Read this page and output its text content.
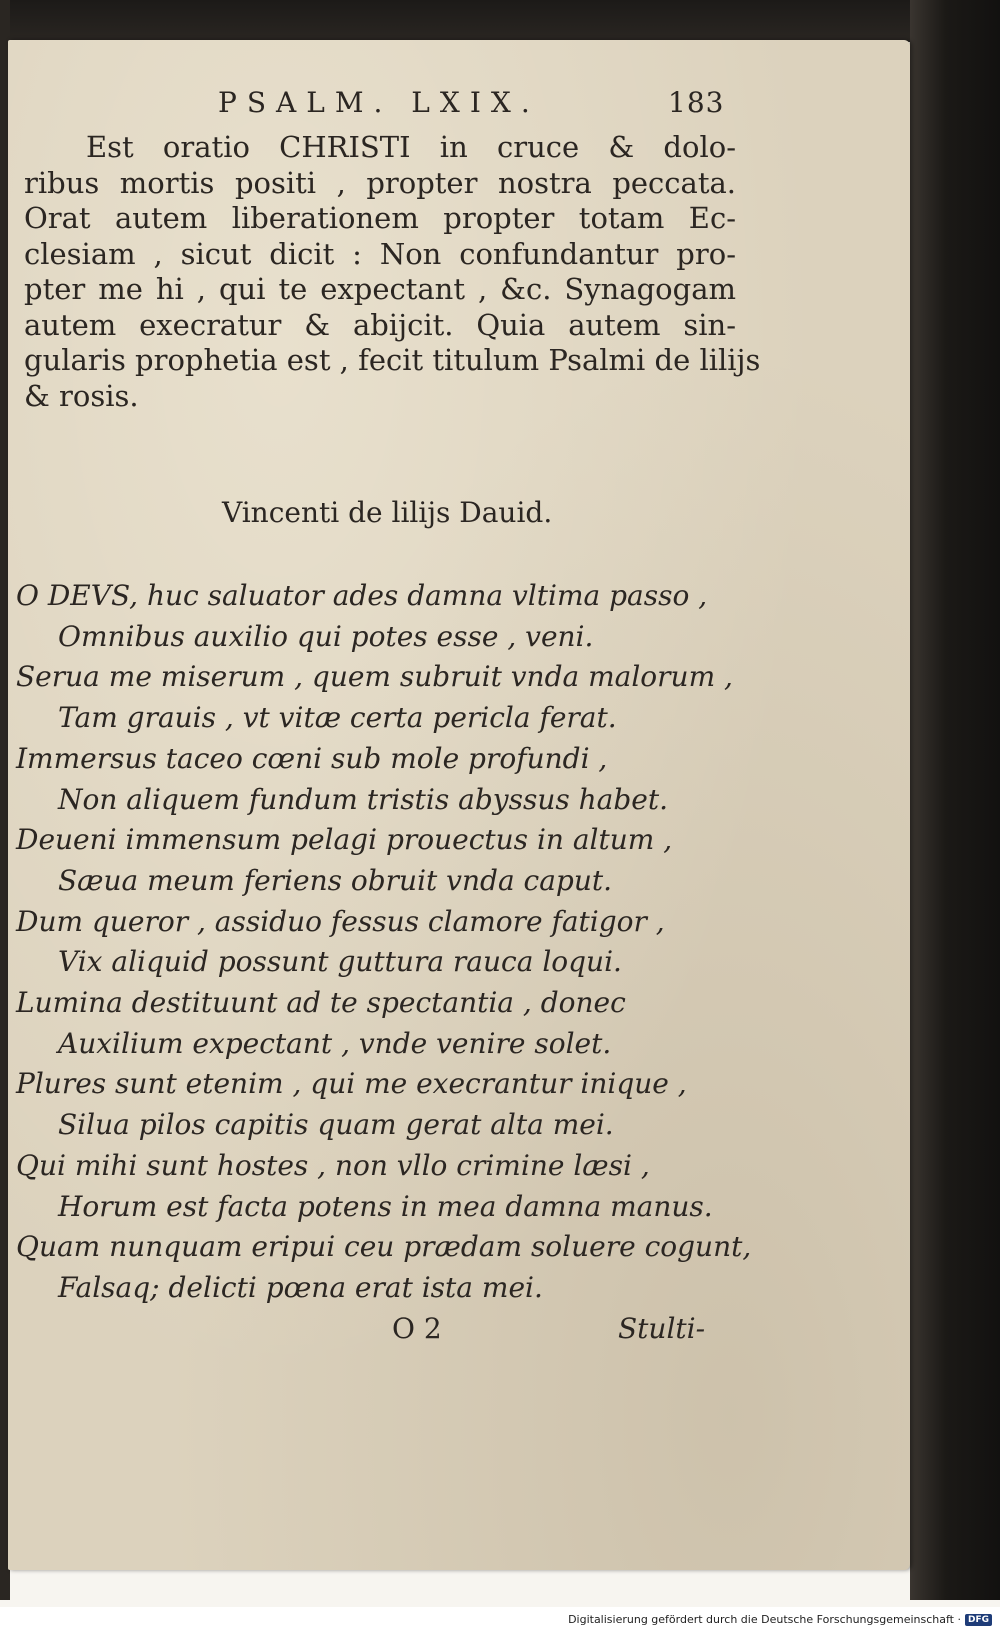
PSALM. LXIX.	183
Est oratio CHRISTI in cruce & dolo-
ribus mortis positi , propter nostra peccata.
Orat autem liberationem propter totam Ec-
clesiam , sicut dicit : Non confundantur pro-
pter me hi , qui te expectant , &c. Synagogam
autem execratur & abijcit. Quia autem sin-
gularis prophetia est , fecit titulum Psalmi de lilijs
& rosis.
Vincenti de lilijs Dauid.
O DEVS, huc saluator ades damna vltima passo ,
Omnibus auxilio qui potes esse , veni.
Serua me miserum , quem subruit vnda malorum ,
Tam grauis , vt vitæ certa pericla ferat.
Immersus taceo cœni sub mole profundi ,
Non aliquem fundum tristis abyssus habet.
Deueni immensum pelagi prouectus in altum ,
Sæua meum feriens obruit vnda caput.
Dum queror , assiduo fessus clamore fatigor ,
Vix aliquid possunt guttura rauca loqui.
Lumina destituunt ad te spectantia , donec
Auxilium expectant , vnde venire solet.
Plures sunt etenim , qui me execrantur inique ,
Silua pilos capitis quam gerat alta mei.
Qui mihi sunt hostes , non vllo crimine læsi ,
Horum est facta potens in mea damna manus.
Quam nunquam eripui ceu prædam soluere cogunt,
Falsaq; delicti pœna erat ista mei.
O 2	Stulti-
Digitalisierung gefördert durch die Deutsche Forschungsgemeinschaft · DFG
